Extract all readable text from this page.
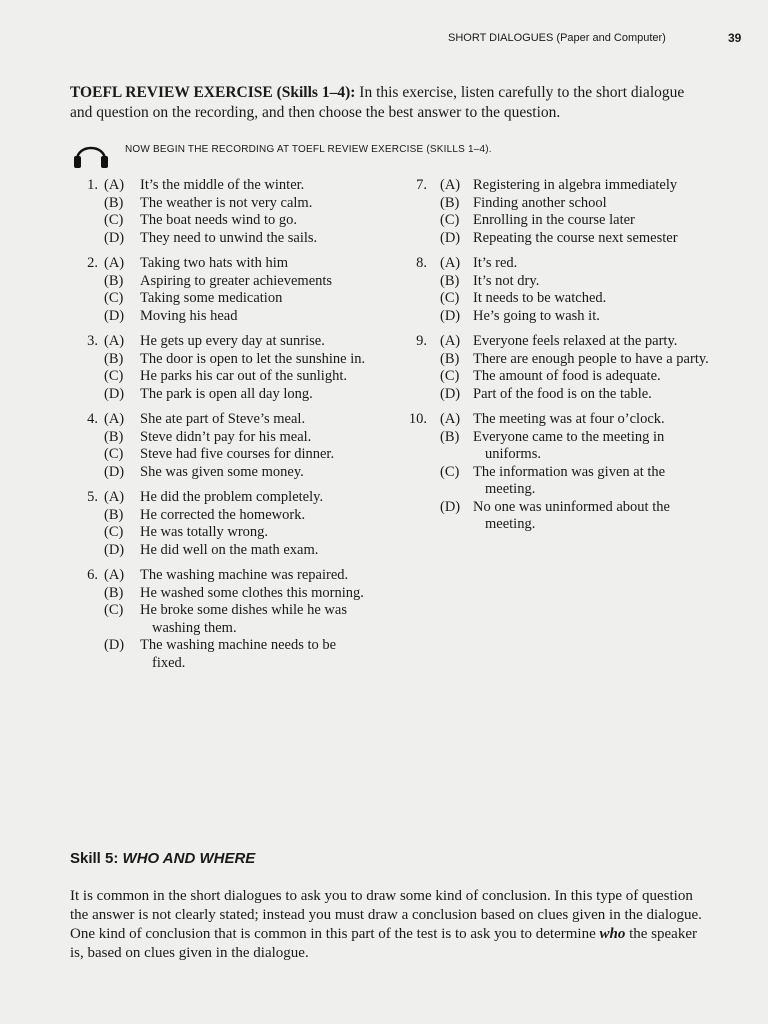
SHORT DIALOGUES (Paper and Computer)	39
TOEFL REVIEW EXERCISE (Skills 1–4): In this exercise, listen carefully to the short dialogue and question on the recording, and then choose the best answer to the question.
NOW BEGIN THE RECORDING AT TOEFL REVIEW EXERCISE (SKILLS 1–4).
1. (A) It’s the middle of the winter.
(B) The weather is not very calm.
(C) The boat needs wind to go.
(D) They need to unwind the sails.
2. (A) Taking two hats with him
(B) Aspiring to greater achievements
(C) Taking some medication
(D) Moving his head
3. (A) He gets up every day at sunrise.
(B) The door is open to let the sunshine in.
(C) He parks his car out of the sunlight.
(D) The park is open all day long.
4. (A) She ate part of Steve’s meal.
(B) Steve didn’t pay for his meal.
(C) Steve had five courses for dinner.
(D) She was given some money.
5. (A) He did the problem completely.
(B) He corrected the homework.
(C) He was totally wrong.
(D) He did well on the math exam.
6. (A) The washing machine was repaired.
(B) He washed some clothes this morning.
(C) He broke some dishes while he was washing them.
(D) The washing machine needs to be fixed.
7. (A) Registering in algebra immediately
(B) Finding another school
(C) Enrolling in the course later
(D) Repeating the course next semester
8. (A) It’s red.
(B) It’s not dry.
(C) It needs to be watched.
(D) He’s going to wash it.
9. (A) Everyone feels relaxed at the party.
(B) There are enough people to have a party.
(C) The amount of food is adequate.
(D) Part of the food is on the table.
10. (A) The meeting was at four o’clock.
(B) Everyone came to the meeting in uniforms.
(C) The information was given at the meeting.
(D) No one was uninformed about the meeting.
Skill 5: WHO AND WHERE
It is common in the short dialogues to ask you to draw some kind of conclusion. In this type of question the answer is not clearly stated; instead you must draw a conclusion based on clues given in the dialogue. One kind of conclusion that is common in this part of the test is to ask you to determine who the speaker is, based on clues given in the dialogue.
